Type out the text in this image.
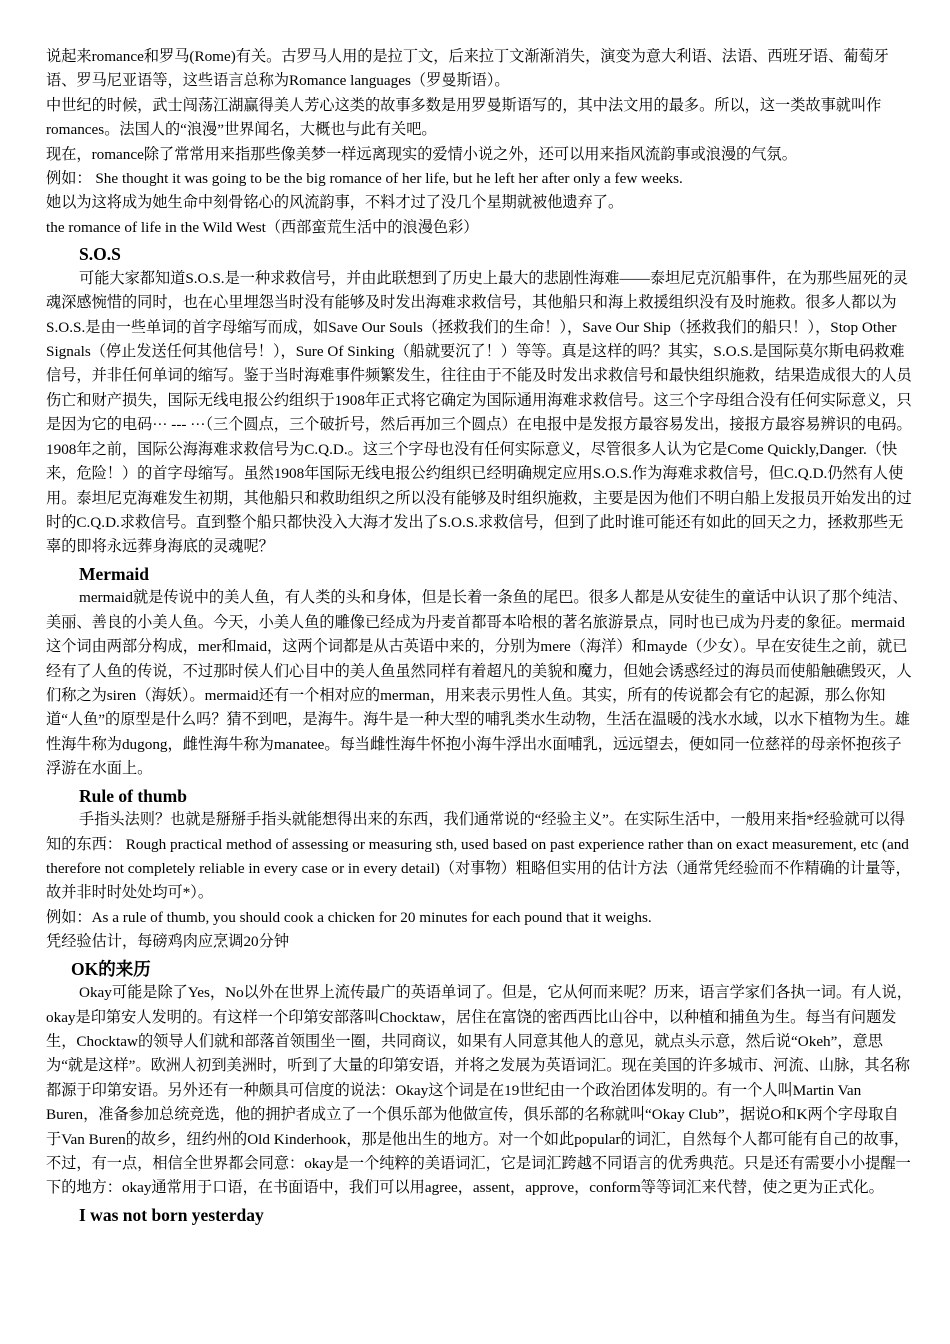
说起来romance和罗马(Rome)有关。古罗马人用的是拉丁文，后来拉丁文渐渐消失，演变为意大利语、法语、西班牙语、葡萄牙语、罗马尼亚语等，这些语言总称为Romance languages（罗曼斯语）。

中世纪的时候，武士闯荡江湖赢得美人芳心这类的故事多数是用罗曼斯语写的，其中法文用的最多。所以，这一类故事就叫作romances。法国人的“浪漫”世界闻名，大概也与此有关吧。

现在，romance除了常常用来指那些像美梦一样远离现实的爱情小说之外，还可以用来指风流韵事或浪漫的气氛。

例如： She thought it was going to be the big romance of her life, but he left her after only a few weeks.

她以为这将成为她生命中刻骨铭心的风流韵事，不料才过了没几个星期就被他遗弃了。

the romance of life in the Wild West（西部蛮荒生活中的浪漫色彩）

S.O.S

可能大家都知道S.O.S.是一种求救信号，并由此联想到了历史上最大的悲剧性海难——泰坦尼克沉船事件，在为那些屈死的灵魂深感惋惜的同时，也在心里埋怨当时没有能够及时发出海难求救信号，其他船只和海上救援组织没有及时施救。很多人都以为S.O.S.是由一些单词的首字母缩写而成，如Save Our Souls（拯救我们的生命！），Save Our Ship（拯救我们的船只！），Stop Other Signals（停止发送任何其他信号！），Sure Of Sinking（船就要沉了！）等等。真是这样的吗？其实，S.O.S.是国际莫尔斯电码救难信号，并非任何单词的缩写。鉴于当时海难事件频繁发生，往往由于不能及时发出求救信号和最快组织施救，结果造成很大的人员伤亡和财产损失，国际无线电报公约组织于1908年正式将它确定为国际通用海难求救信号。这三个字母组合没有任何实际意义，只是因为它的电码··· --- ···（三个圆点，三个破折号，然后再加三个圆点）在电报中是发报方最容易发出，接报方最容易辨识的电码。

1908年之前，国际公海海难求救信号为C.Q.D.。这三个字母也没有任何实际意义，尽管很多人认为它是Come Quickly,Danger.（快来，危险！）的首字母缩写。虽然1908年国际无线电报公约组织已经明确规定应用S.O.S.作为海难求救信号，但C.Q.D.仍然有人使用。泰坦尼克海难发生初期，其他船只和救助组织之所以没有能够及时组织施救，主要是因为他们不明白船上发报员开始发出的过时的C.Q.D.求救信号。直到整个船只都快没入大海才发出了S.O.S.求救信号，但到了此时谁可能还有如此的回天之力，拯救那些无辜的即将永远葬身海底的灵魂呢？

Mermaid

mermaid就是传说中的美人鱼，有人类的头和身体，但是长着一条鱼的尾巴。很多人都是从安徒生的童话中认识了那个纯洁、美丽、善良的小美人鱼。今天，小美人鱼的雕像已经成为丹麦首都哥本哈根的著名旅游景点，同时也已成为丹麦的象征。mermaid这个词由两部分构成，mer和maid，这两个词都是从古英语中来的，分别为mere（海洋）和mayde（少女）。早在安徒生之前，就已经有了人鱼的传说，不过那时侯人们心目中的美人鱼虽然同样有着超凡的美貌和魔力，但她会诱惑经过的海员而使船触礁毁灭，人们称之为siren（海妖）。mermaid还有一个相对应的merman，用来表示男性人鱼。其实，所有的传说都会有它的起源，那么你知道“人鱼”的原型是什么吗？猜不到吧，是海牛。海牛是一种大型的哺乳类水生动物，生活在温暖的浅水水域，以水下植物为生。雄性海牛称为dugong，雌性海牛称为manatee。每当雌性海牛怀抱小海牛浮出水面哺乳，远远望去，便如同一位慈祥的母亲怀抱孩子浮游在水面上。

Rule of thumb

手指头法则？也就是掰掰手指头就能想得出来的东西，我们通常说的“经验主义”。在实际生活中，一般用来指*经验就可以得知的东西： Rough practical method of assessing or measuring sth, used based on past experience rather than on exact measurement, etc (and therefore not completely reliable in every case or in every detail)（对事物）粗略但实用的估计方法（通常凭经验而不作精确的计量等，故并非时时处处均可*）。

例如：As a rule of thumb, you should cook a chicken for 20 minutes for each pound that it weighs.

凭经验估计，每磅鸡肉应烹调20分钟

OK的来历

Okay可能是除了Yes，No以外在世界上流传最广的英语单词了。但是，它从何而来呢？历来，语言学家们各执一词。有人说，okay是印第安人发明的。有这样一个印第安部落叫Chocktaw，居住在富饶的密西西比山谷中，以种植和捕鱼为生。每当有问题发生，Chocktaw的领导人们就和部落首领围坐一圈，共同商议，如果有人同意其他人的意见，就点头示意，然后说“Okeh”，意思为“就是这样”。欧洲人初到美洲时，听到了大量的印第安语，并将之发展为英语词汇。现在美国的许多城市、河流、山脉，其名称都源于印第安语。另外还有一种颇具可信度的说法：Okay这个词是在19世纪由一个政治团体发明的。有一个人叫Martin Van Buren，准备参加总统竞选，他的拥护者成立了一个俱乐部为他做宣传，俱乐部的名称就叫“Okay Club”，据说O和K两个字母取自于Van Buren的故乡，纽约州的Old Kinderhook，那是他出生的地方。对一个如此popular的词汇，自然每个人都可能有自己的故事，不过，有一点，相信全世界都会同意：okay是一个纯粹的美语词汇，它是词汇跨越不同语言的优秀典范。只是还有需要小小提醒一下的地方：okay通常用于口语，在书面语中，我们可以用agree，assent，approve，conform等等词汇来代替，使之更为正式化。

I was not born yesterday
